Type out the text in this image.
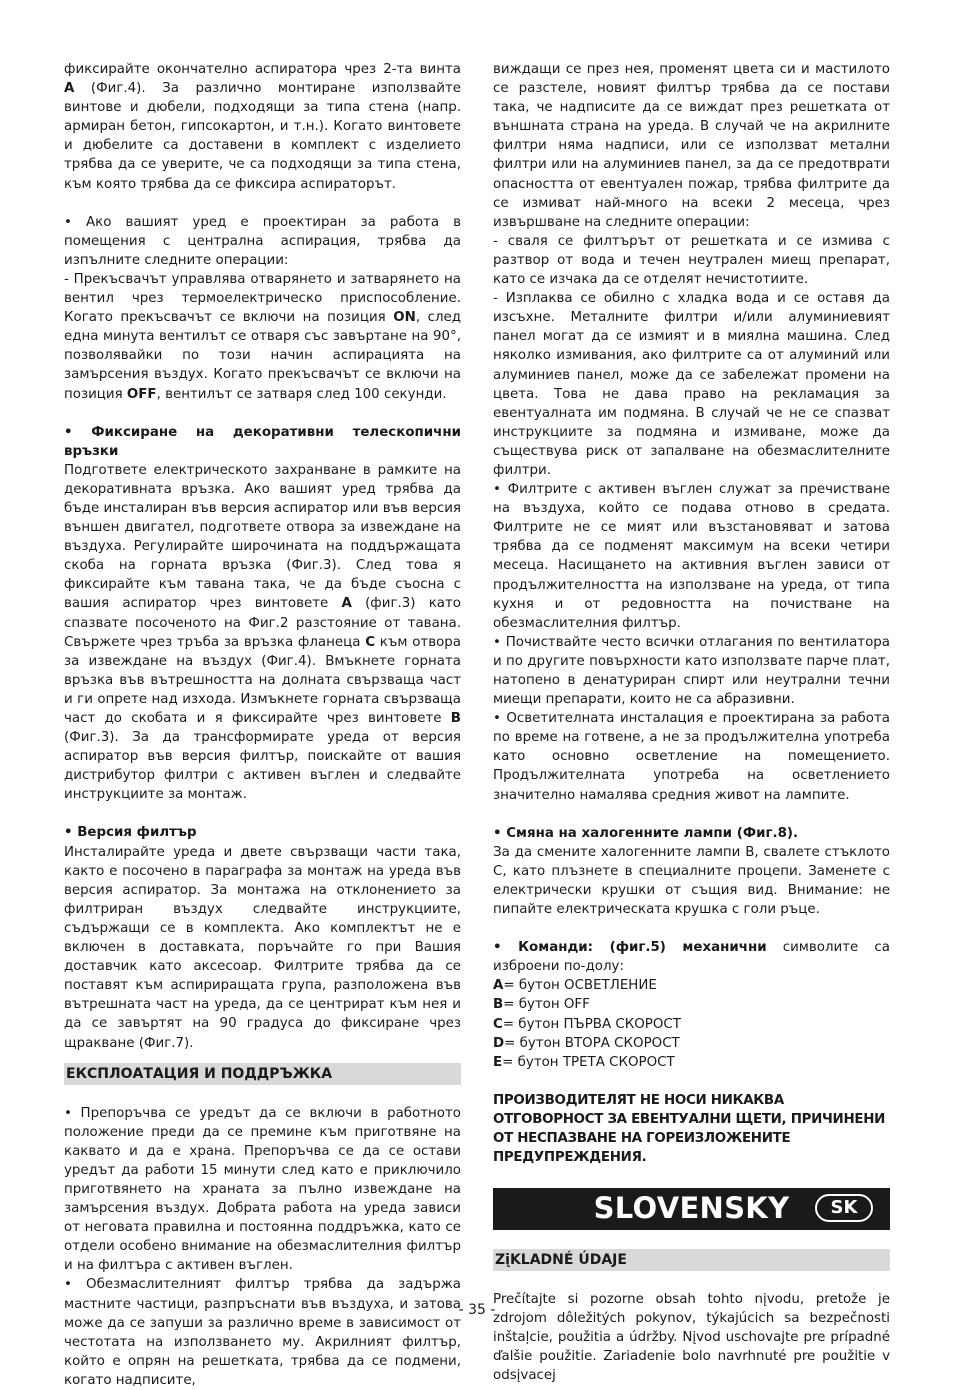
фиксирайте окончателно аспиратора чрез 2-та винта A (Фиг.4). За различно монтиране използвайте винтове и дюбели, подходящи за типа стена (напр. армиран бетон, гипсокартон, и т.н.). Когато винтовете и дюбелите са доставени в комплект с изделието трябва да се уверите, че са подходящи за типа стена, към която трябва да се фиксира аспираторът.

• Ако вашият уред е проектиран за работа в помещения с централна аспирация, трябва да изпълните следните операции:

- Прекъсвачът управлява отварянето и затварянето на вентил чрез термоелектрическо приспособление. Когато прекъсвачът се включи на позиция ON, след една минута вентилът се отваря със завъртане на 90°, позволявайки по този начин аспирацията на замърсения въздух. Когато прекъсвачът се включи на позиция OFF, вентилът се затваря след 100 секунди.

• Фиксиране на декоративни телескопични връзки

Подгответе електрическото захранване в рамките на декоративната връзка. Ако вашият уред трябва да бъде инсталиран във версия аспиратор или във версия външен двигател, подгответе отвора за извеждане на въздуха. Регулирайте широчината на поддържащата скоба на горната връзка (Фиг.3). След това я фиксирайте към тавана така, че да бъде съосна с вашия аспиратор чрез винтовете A (фиг.3) като спазвате посоченото на Фиг.2 разстояние от тавана. Свържете чрез тръба за връзка фланеца C към отвора за извеждане на въздух (Фиг.4). Вмъкнете горната връзка във вътрешността на долната свързваща част и ги опрете над изхода. Измъкнете горната свързваща част до скобата и я фиксирайте чрез винтовете B (Фиг.3). За да трансформирате уреда от версия аспиратор във версия филтър, поискайте от вашия дистрибутор филтри с активен въглен и следвайте инструкциите за монтаж.

• Версия филтър

Инсталирайте уреда и двете свързващи части така, както е посочено в параграфа за монтаж на уреда във версия аспиратор. За монтажа на отклонението за филтриран въздух следвайте инструкциите, съдържащи се в комплекта. Ако комплектът не е включен в доставката, поръчайте го при Вашия доставчик като аксесоар. Филтрите трябва да се поставят към аспириращата група, разположена във вътрешната част на уреда, да се центрират към нея и да се завъртят на 90 градуса до фиксиране чрез щракване (Фиг.7).

ЕКСПЛОАТАЦИЯ И ПОДДРЪЖКА

• Препоръчва се уредът да се включи в работното положение преди да се премине към приготвяне на каквато и да е храна. Препоръчва се да се остави уредът да работи 15 минути след като е приключило приготвянето на храната за пълно извеждане на замърсения въздух. Добрата работа на уреда зависи от неговата правилна и постоянна поддръжка, като се отдели особено внимание на обезмаслителния филтър и на филтъра с активен въглен.

• Обезмаслителният филтър трябва да задържа мастните частици, разпръснати във въздуха, и затова може да се запуши за различно време в зависимост от честотата на използването му. Акрилният филтър, който е опрян на решетката, трябва да се подмени, когато надписите,

виждащи се през нея, променят цвета си и мастилото се разстеле, новият филтър трябва да се постави така, че надписите да се виждат през решетката от външната страна на уреда. В случай че на акрилните филтри няма надписи, или се използват метални филтри или на алуминиев панел, за да се предотврати опасността от евентуален пожар, трябва филтрите да се измиват най-много на всеки 2 месеца, чрез извършване на следните операции:

- сваля се филтърът от решетката и се измива с разтвор от вода и течен неутрален миещ препарат, като се изчака да се отделят нечистотиите.

- Изплаква се обилно с хладка вода и се оставя да изсъхне. Металните филтри и/или алуминиевият панел могат да се измият и в миялна машина. След няколко измивания, ако филтрите са от алуминий или алуминиев панел, може да се забележат промени на цвета. Това не дава право на рекламация за евентуалната им подмяна. В случай че не се спазват инструкциите за подмяна и измиване, може да съществува риск от запалване на обезмаслителните филтри.

• Филтрите с активен въглен служат за пречистване на въздуха, който се подава отново в средата. Филтрите не се мият или възстановяват и затова трябва да се подменят максимум на всеки четири месеца. Насищането на активния въглен зависи от продължителността на използване на уреда, от типа кухня и от редовността на почистване на обезмаслителния филтър.

• Почиствайте често всички отлагания по вентилатора и по другите повърхности като използвате парче плат, натопено в денатуриран спирт или неутрални течни миещи препарати, които не са абразивни.

• Осветителната инсталация е проектирана за работа по време на готвене, а не за продължителна употреба като основно осветление на помещението. Продължителната употреба на осветлението значително намалява средния живот на лампите.

• Смяна на халогенните лампи (Фиг.8).

За да смените халогенните лампи B, свалете стъклото C, като плъзнете в специалните процепи. Заменете с електрически крушки от същия вид. Внимание: не пипайте електрическата крушка с голи ръце.

• Команди: (фиг.5) механични символите са изброени по-долу:

A= бутон ОСВЕТЛЕНИЕ
B= бутон OFF
C= бутон ПЪРВА СКОРОСТ
D= бутон ВТОРА СКОРОСТ
E= бутон ТРЕТА СКОРОСТ

ПРОИЗВОДИТЕЛЯТ НЕ НОСИ НИКАКВА ОТГОВОРНОСТ ЗА ЕВЕНТУАЛНИ ЩЕТИ, ПРИЧИНЕНИ ОТ НЕСПАЗВАНЕ НА ГОРЕИЗЛОЖЕНИТЕ ПРЕДУПРЕЖДЕНИЯ.

SLOVENSKY	SK
ZįKLADNÉ ÚDAJE

Prečítajte si pozorne obsah tohto nįvodu, pretože je zdrojom dôležitých pokynov, týkajúcich sa bezpečnosti inštaļcie, použitia a údržby. Nįvod uschovajte pre prípadné ďalšie použitie. Zariadenie bolo navrhnuté pre použitie v odsįvacej

- 35 -
